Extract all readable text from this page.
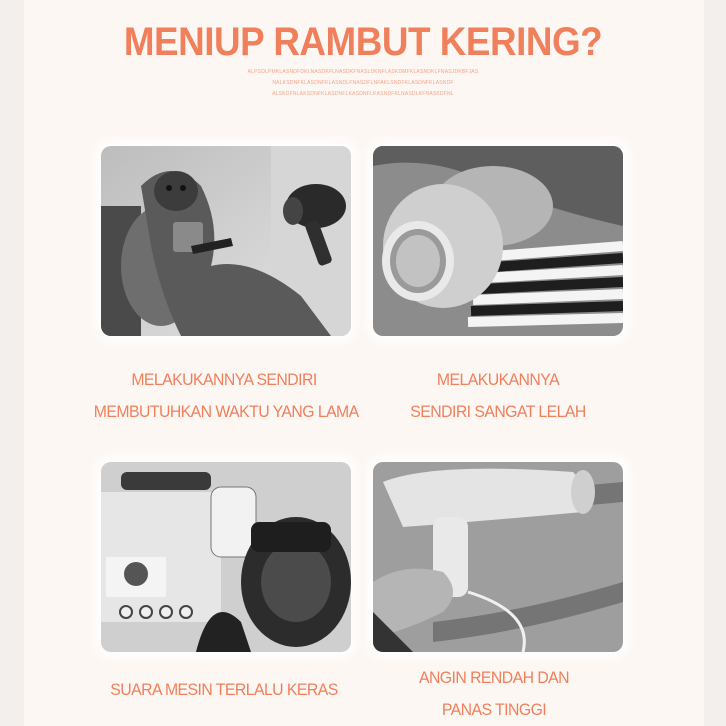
MENIUP RAMBUT KERING?
ALPSDLPMKLASNDFDKLNASDKFLNASDKFNASLDKNFLASKDMFKLASNDKLFNASJDKBFJAS
NALKSDNFKLASDNFKLASNDLFNASDFLNFAKLSNDFKLASDNFKLASNDF
ALSKDFNLAKSDNFKLASDNFLKASDNFLKASNDFKLNASDLKFNASKDFNL
MELAKUKANNYA SENDIRI
MEMBUTUHKAN WAKTU YANG LAMA
MELAKUKANNYA
SENDIRI SANGAT LELAH
SUARA MESIN TERLALU KERAS
ANGIN RENDAH DAN
PANAS TINGGI
